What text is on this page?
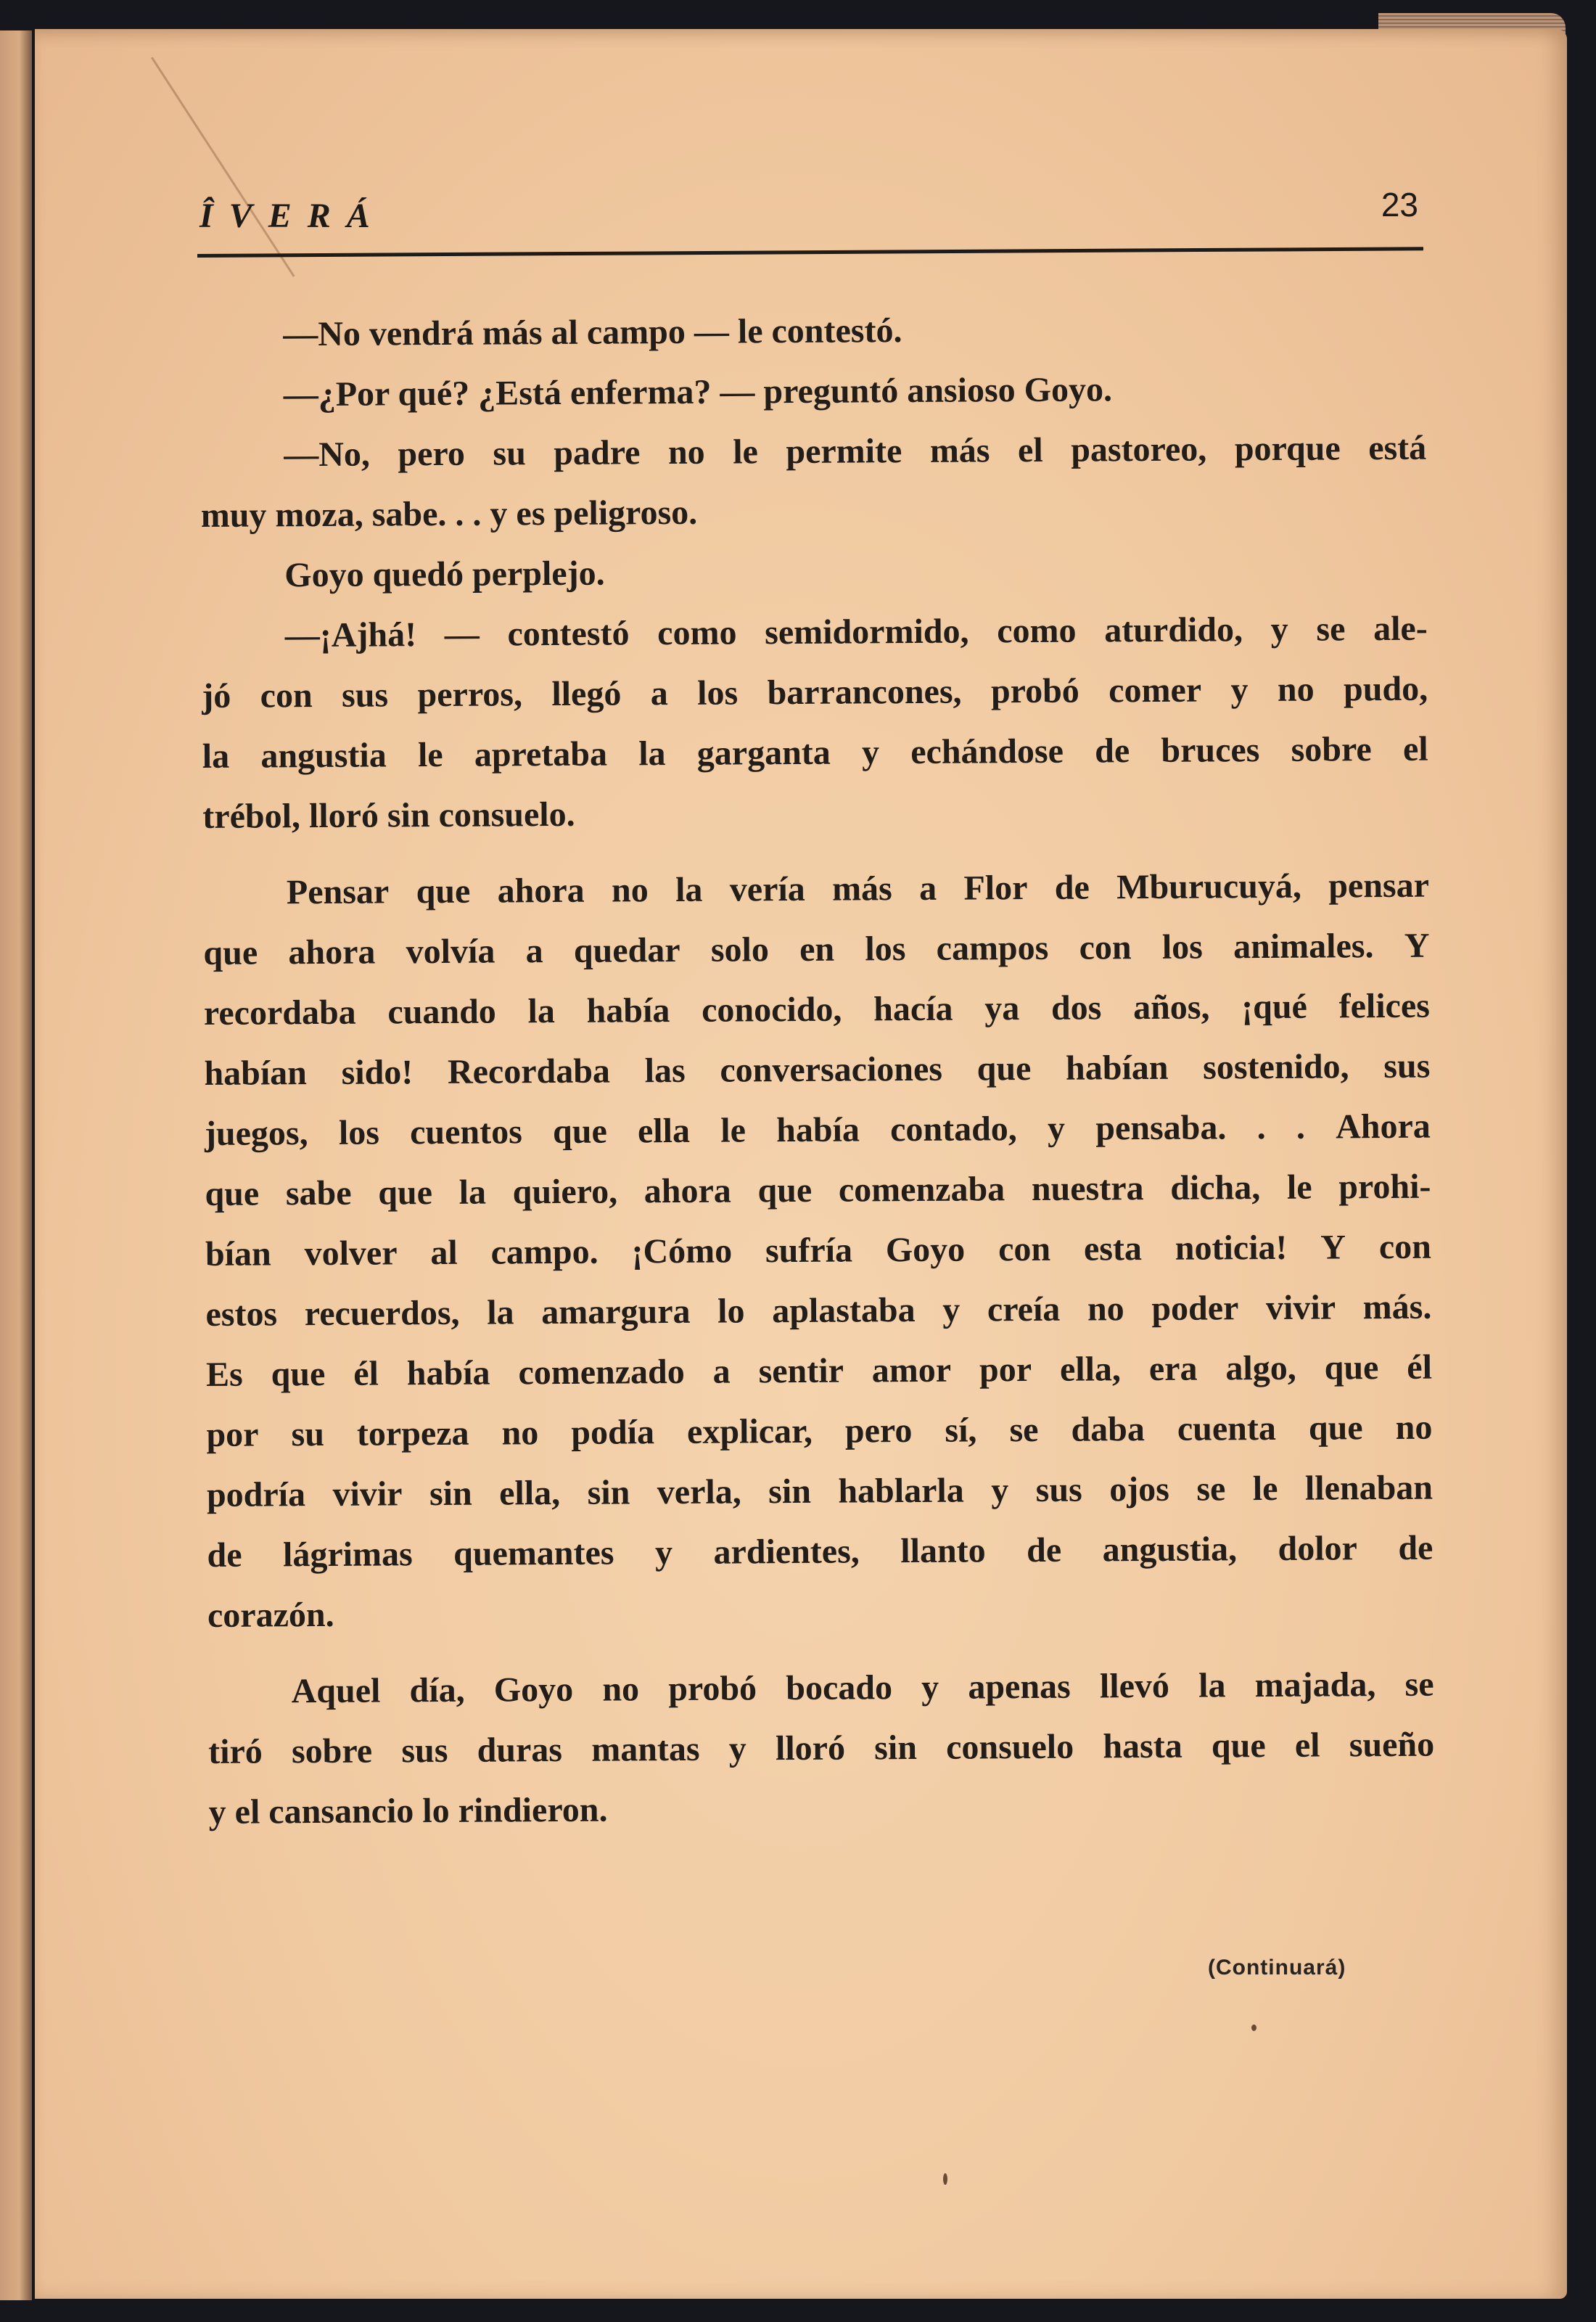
ÎVERÁ	23
—No vendrá más al campo — le contestó.
—¿Por qué? ¿Está enferma? — preguntó ansioso Goyo.
—No, pero su padre no le permite más el pastoreo, porque está
muy moza, sabe. . . y es peligroso.
Goyo quedó perplejo.
—¡Ajhá! — contestó como semidormido, como aturdido, y se ale-
jó con sus perros, llegó a los barrancones, probó comer y no pudo,
la angustia le apretaba la garganta y echándose de bruces sobre el
trébol, lloró sin consuelo.
Pensar que ahora no la vería más a Flor de Mburucuyá, pensar
que ahora volvía a quedar solo en los campos con los animales. Y
recordaba cuando la había conocido, hacía ya dos años, ¡qué felices
habían sido! Recordaba las conversaciones que habían sostenido, sus
juegos, los cuentos que ella le había contado, y pensaba. . . Ahora
que sabe que la quiero, ahora que comenzaba nuestra dicha, le prohi-
bían volver al campo. ¡Cómo sufría Goyo con esta noticia! Y con
estos recuerdos, la amargura lo aplastaba y creía no poder vivir más.
Es que él había comenzado a sentir amor por ella, era algo, que él
por su torpeza no podía explicar, pero sí, se daba cuenta que no
podría vivir sin ella, sin verla, sin hablarla y sus ojos se le llenaban
de lágrimas quemantes y ardientes, llanto de angustia, dolor de
corazón.
Aquel día, Goyo no probó bocado y apenas llevó la majada, se
tiró sobre sus duras mantas y lloró sin consuelo hasta que el sueño
y el cansancio lo rindieron.
(Continuará)
